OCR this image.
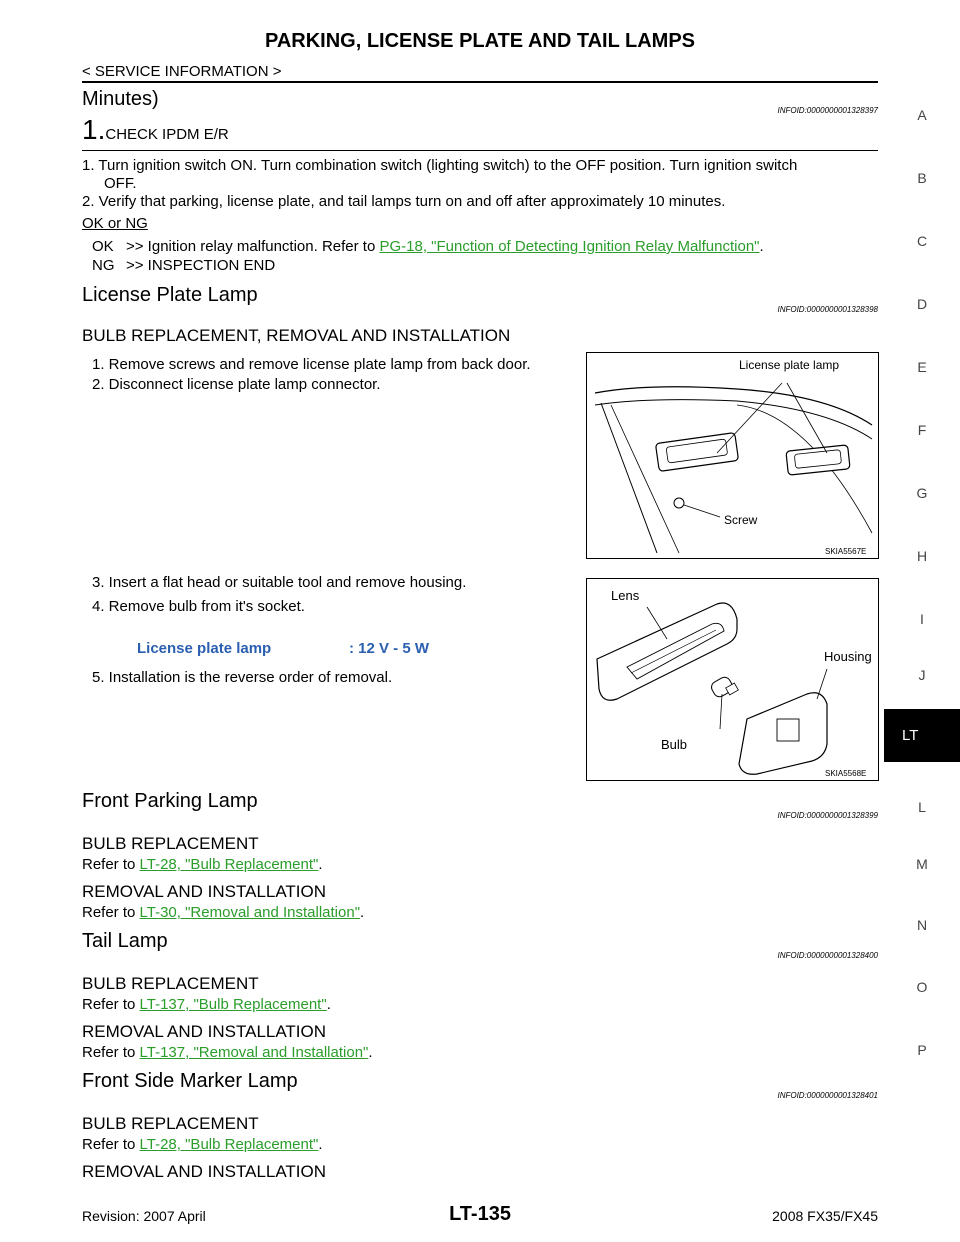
PARKING, LICENSE PLATE AND TAIL LAMPS
< SERVICE INFORMATION >
A
B
C
D
E
F
G
H
I
J
LT
L
M
N
O
P
Minutes)
INFOID:0000000001328397
1.CHECK IPDM E/R
1. Turn ignition switch ON. Turn combination switch (lighting switch) to the OFF position. Turn ignition switch
OFF.
2. Verify that parking, license plate, and tail lamps turn on and off after approximately 10 minutes.
OK or NG
OK >> Ignition relay malfunction. Refer to PG-18, "Function of Detecting Ignition Relay Malfunction".
NG >> INSPECTION END
License Plate Lamp
INFOID:0000000001328398
BULB REPLACEMENT, REMOVAL AND INSTALLATION
1. Remove screws and remove license plate lamp from back door.
2. Disconnect license plate lamp connector.
License plate lamp
Screw
SKIA5567E
3. Insert a flat head or suitable tool and remove housing.
4. Remove bulb from it's socket.
License plate lamp	: 12 V - 5 W
5. Installation is the reverse order of removal.
Lens
Housing
Bulb
SKIA5568E
Front Parking Lamp
INFOID:0000000001328399
BULB REPLACEMENT
Refer to LT-28, "Bulb Replacement".
REMOVAL AND INSTALLATION
Refer to LT-30, "Removal and Installation".
Tail Lamp
INFOID:0000000001328400
BULB REPLACEMENT
Refer to LT-137, "Bulb Replacement".
REMOVAL AND INSTALLATION
Refer to LT-137, "Removal and Installation".
Front Side Marker Lamp
INFOID:0000000001328401
BULB REPLACEMENT
Refer to LT-28, "Bulb Replacement".
REMOVAL AND INSTALLATION
Revision: 2007 April	LT-135	2008 FX35/FX45
